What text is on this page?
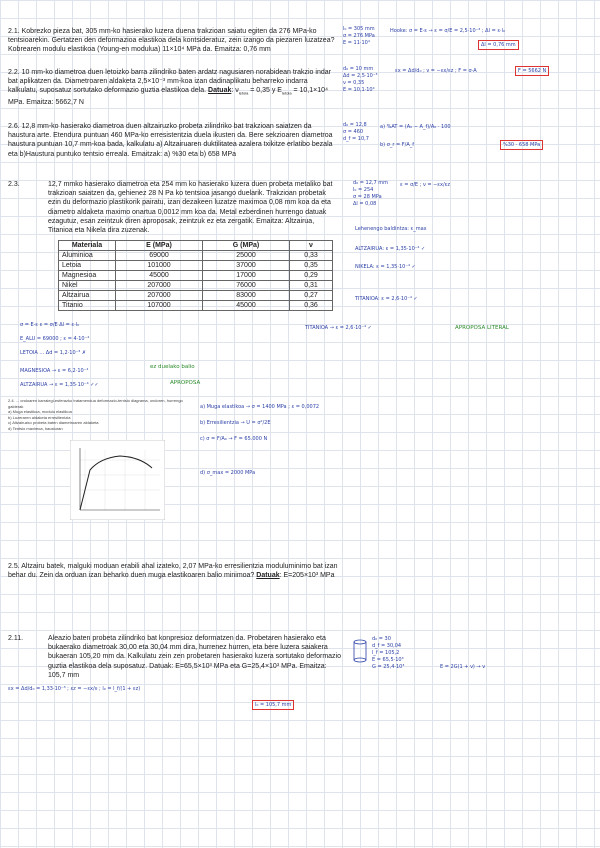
2.1. Kobrezko pieza bat, 305 mm-ko hasierako luzera duena trakzioan saiatu egiten da 276 MPa-ko tentsioarekin. Gertatzen den deformazioa elastikoa dela kontsideratuz, zein izango da piezaren luzatzea? Kobrearen modulu elastikoa (Young-en modulua) 11×10⁴ MPa da. Emaitza: 0,76 mm
l₀ = 305 mm
σ = 276 MPa
E = 11·10⁴
Hooke: σ = E·ε → ε = σ/E = 2,5·10⁻³ ; Δl = ε·l₀
Δl = 0,76 mm
2.2. 10 mm-ko diametroa duen letoizko barra zilindriko baten ardatz nagusiaren norabidean trakzio indar bat aplikatzen da. Diametroaren aldaketa 2,5×10⁻³ mm-koa izan dadinaplikatu beharreko indarra kalkulatu, suposatuz sortutako deformazio guztia elastikoa dela. Datuak: $\nu_{letoia} = 0,35$ y $E_{letoia} = 10,1\times 10^4$ MPa. Emaitza: 5662,7 N
d₀ = 10 mm
Δd = 2,5·10⁻³
ν = 0,35
E = 10,1·10⁴
εx = Δd/d₀ ; ν = −εx/εz ; F = σ·A	F = 5662 N
2.6. 12,8 mm-ko hasierako diametroa duen altzairuzko probeta zilindriko bat trakzioan saiatzen da haustura arte. Etendura puntuan 460 MPa-ko erresistentzia duela ikusten da. Bere sekzioaren diametroa haustura puntuan 10,7 mm-koa bada, kalkulatu a) Altzairuaren duktilitatea azalera txikitze erlatibo bezala eta b)Haustura puntuko tentsio erreala. Emaitzak: a) %30 eta b) 658 MPa
d₀ = 12,8
σ = 460
d_f = 10,7
a) %AT = (A₀ − A_f)/A₀ · 100
b) σ_r = F/A_f	%30 · 658 MPa
2.3.	12,7 mmko hasierako diametroa eta 254 mm ko hasierako luzera duen probeta metaliko bat trakzioan saiatzen da, gehienez 28 N Pa ko tentsioa jasango duelarik. Trakzioan probetak ezin du deformazio plastikorik pairatu, izan dezakeen luzatze maximoa 0,08 mm koa da eta diametro aldaketa maximo onartua 0,0012 mm koa da. Metal ezberdinen hurrengo datuak ezagutuz, esan zeintzuk diren aproposak, zeintzuk ez eta zergatik. Emaitza: Altzairua, Titanioa eta Nikela dira zuzenak.
d₀ = 12,7 mm
l₀ = 254
σ = 28 MPa
Δl = 0,08
ε = σ/E ; ν = −εx/εz
Lehenengo baldintza: ε_max
ALTZAIRUA: ε = 1,35·10⁻⁴ ✓
NIKELA: ε = 1,35·10⁻⁴ ✓
TITANIOA: ε = 2,6·10⁻⁴ ✓
Materiala	E (MPa)	G (MPa)	ν
Aluminioa	69000	25000	0,33
Letoia	101000	37000	0,35
Magnesioa	45000	17000	0,29
Nikel	207000	76000	0,31
Altzairua	207000	83000	0,27
Titanio	107000	45000	0,36
σ = E·ε ε = σ/E Δl = ε·l₀
E_ALU = 69000 ; ε = 4·10⁻⁴
LETOIA ... Δd = 1,2·10⁻³ ✗
ez duelako balio
MAGNESIOA → ε = 6,2·10⁻⁴
ALTZAIRUA → ε = 1,35·10⁻⁴ ✓✓	APROPOSA
APROPOSA LITERAL
TITANIOA → ε = 2,6·10⁻⁴ ✓
2.4. ... ondoaren karraiegi-esferazko tratamendua deformazio-tentsio diagrama, ondoren, hurrengo galderak
a) Muga elastikoa, modulu elastikoa
b) Luzeraren aldaketa erresilientzia
c) Altzairuzko probeta baten diametroaren aldaketa
d) Tentsio maximoa, hausturan
a) Muga elastikoa → σ = 1400 MPa ; ε = 0,0072
b) Erresilientzia → U = σ²/2E
c) σ = F/A₀ → F = 65.000 N
d) σ_max = 2000 MPa
2.5. Altzairu batek, malguki moduan erabili ahal izateko, 2,07 MPa-ko erresilientzia moduluminimo bat izan behar du. Zein da orduan izan beharko duen muga elastikoaren balio minimoa? Datuak: E=205×10³ MPa
2.11.	Aleazio baten probeta zilindriko bat konpresioz deformatzen da. Probetaren hasierako eta bukaerako diametroak 30,00 eta 30,04 mm dira, hurrenez hurren, eta bere luzera saiakera bukaeran 105,20 mm da. Kalkulatu zein zen probetaren hasierako luzera sortutako deformazio guztia elastikoa dela suposatuz. Datuak: E=65,5×10³ MPa eta G=25,4×10³ MPa. Emaitza: 105,7 mm
d₀ = 30
d_f = 30,04
l_f = 105,2
E = 65,5·10³
G = 25,4·10³	E = 2G(1 + ν) → ν
εx = Δd/d₀ = 1,33·10⁻³ ; εz = −εx/ν ; l₀ = l_f/(1 + εz)
l₀ = 105,7 mm
